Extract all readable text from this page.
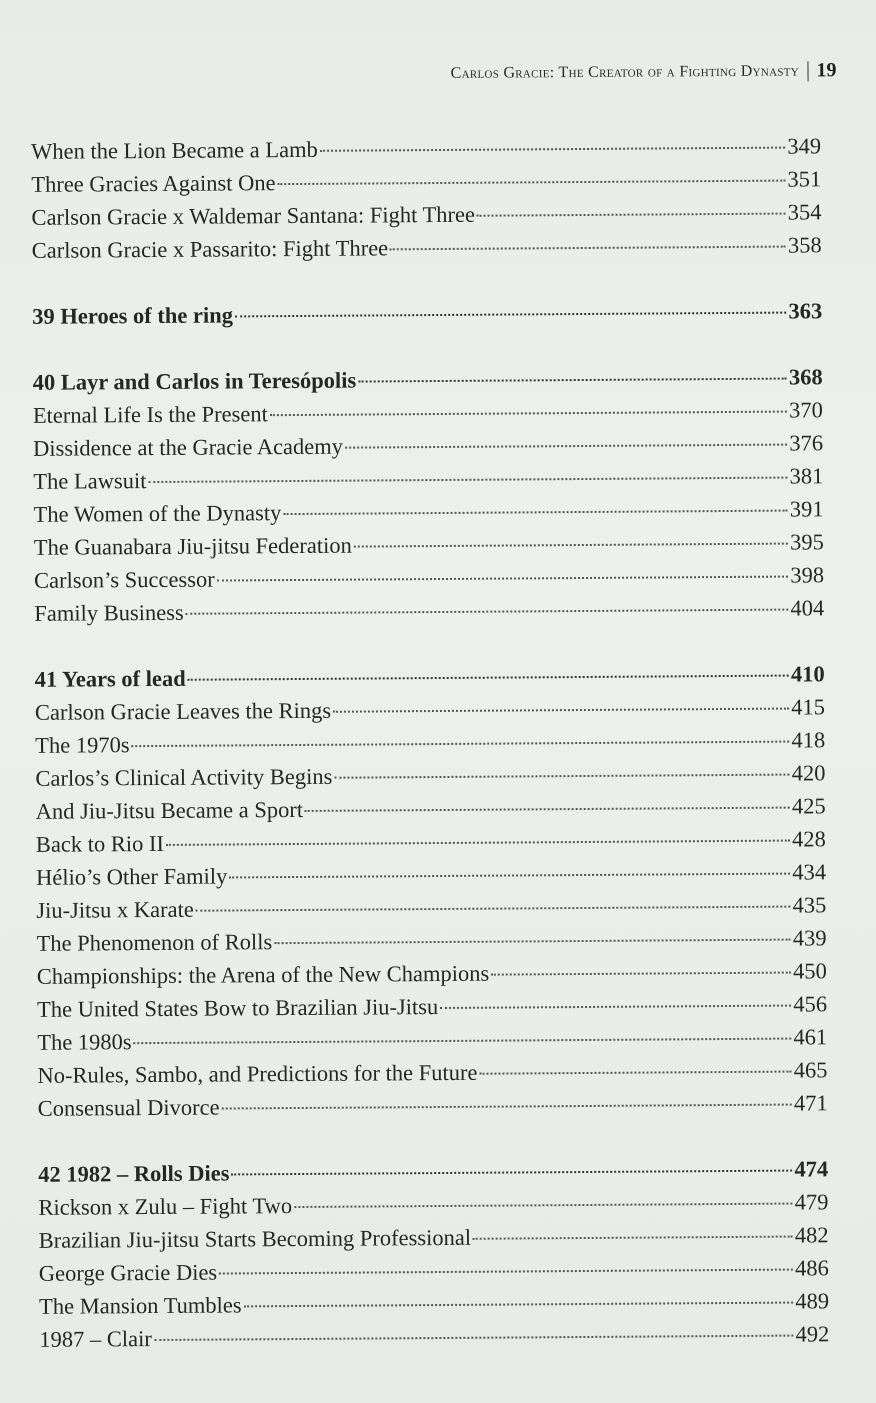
Carlos Gracie: The Creator of a Fighting Dynasty 19
When the Lion Became a Lamb	349
Three Gracies Against One	351
Carlson Gracie x Waldemar Santana: Fight Three	354
Carlson Gracie x Passarito: Fight Three	358
39 Heroes of the ring	363
40 Layr and Carlos in Teresópolis	368
Eternal Life Is the Present	370
Dissidence at the Gracie Academy	376
The Lawsuit	381
The Women of the Dynasty	391
The Guanabara Jiu-jitsu Federation	395
Carlson’s Successor	398
Family Business	404
41 Years of lead	410
Carlson Gracie Leaves the Rings	415
The 1970s	418
Carlos’s Clinical Activity Begins	420
And Jiu-Jitsu Became a Sport	425
Back to Rio II	428
Hélio’s Other Family	434
Jiu-Jitsu x Karate	435
The Phenomenon of Rolls	439
Championships: the Arena of the New Champions	450
The United States Bow to Brazilian Jiu-Jitsu	456
The 1980s	461
No-Rules, Sambo, and Predictions for the Future	465
Consensual Divorce	471
42 1982 – Rolls Dies	474
Rickson x Zulu – Fight Two	479
Brazilian Jiu-jitsu Starts Becoming Professional	482
George Gracie Dies	486
The Mansion Tumbles	489
1987 – Clair	492
